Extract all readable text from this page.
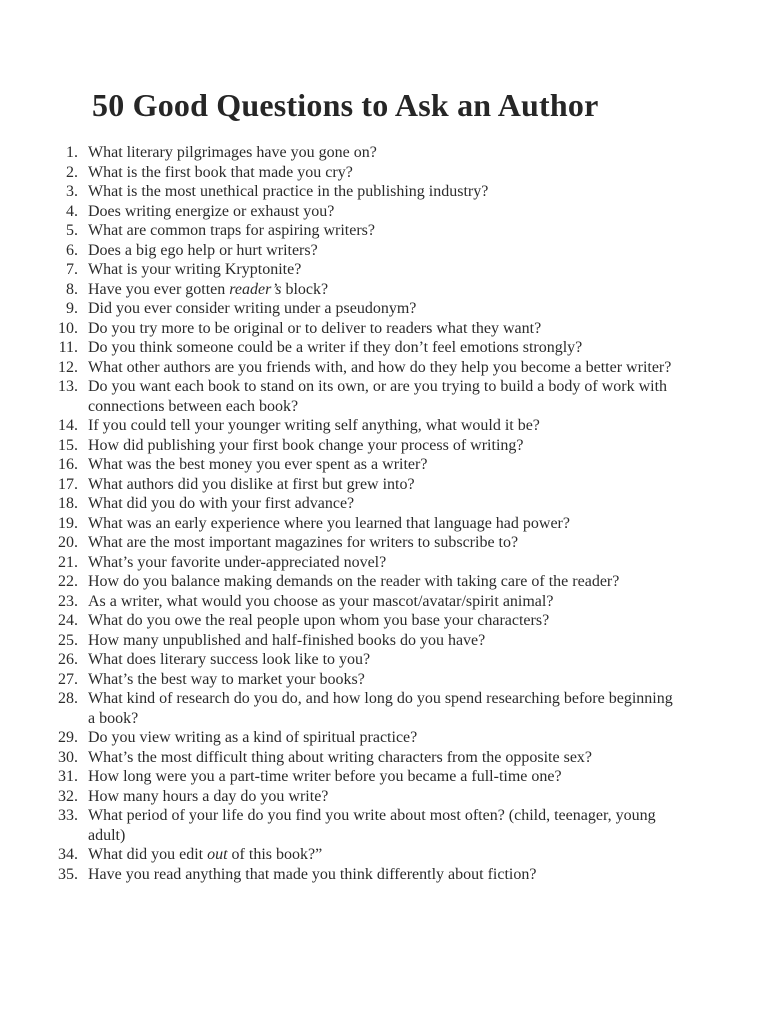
50 Good Questions to Ask an Author
1. What literary pilgrimages have you gone on?
2. What is the first book that made you cry?
3. What is the most unethical practice in the publishing industry?
4. Does writing energize or exhaust you?
5. What are common traps for aspiring writers?
6. Does a big ego help or hurt writers?
7. What is your writing Kryptonite?
8. Have you ever gotten reader’s block?
9. Did you ever consider writing under a pseudonym?
10. Do you try more to be original or to deliver to readers what they want?
11. Do you think someone could be a writer if they don’t feel emotions strongly?
12. What other authors are you friends with, and how do they help you become a better writer?
13. Do you want each book to stand on its own, or are you trying to build a body of work with connections between each book?
14. If you could tell your younger writing self anything, what would it be?
15. How did publishing your first book change your process of writing?
16. What was the best money you ever spent as a writer?
17. What authors did you dislike at first but grew into?
18. What did you do with your first advance?
19. What was an early experience where you learned that language had power?
20. What are the most important magazines for writers to subscribe to?
21. What’s your favorite under-appreciated novel?
22. How do you balance making demands on the reader with taking care of the reader?
23. As a writer, what would you choose as your mascot/avatar/spirit animal?
24. What do you owe the real people upon whom you base your characters?
25. How many unpublished and half-finished books do you have?
26. What does literary success look like to you?
27. What’s the best way to market your books?
28. What kind of research do you do, and how long do you spend researching before beginning a book?
29. Do you view writing as a kind of spiritual practice?
30. What’s the most difficult thing about writing characters from the opposite sex?
31. How long were you a part-time writer before you became a full-time one?
32. How many hours a day do you write?
33. What period of your life do you find you write about most often? (child, teenager, young adult)
34. What did you edit out of this book?”
35. Have you read anything that made you think differently about fiction?
